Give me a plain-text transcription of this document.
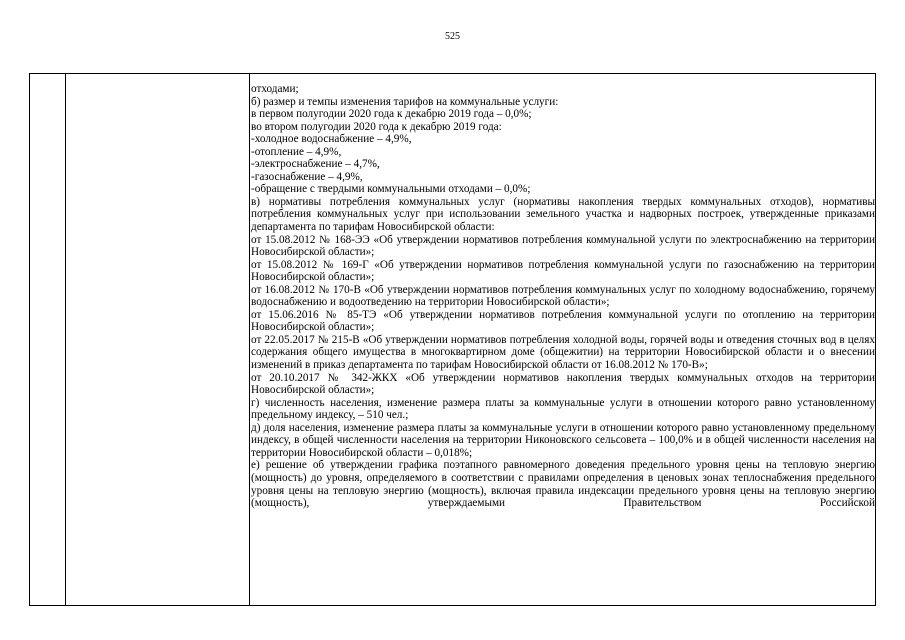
525

отходами;

б) размер и темпы изменения тарифов на коммунальные услуги:

в первом полугодии 2020 года к декабрю 2019 года – 0,0%;

во втором полугодии 2020 года к декабрю 2019 года:

-холодное водоснабжение – 4,9%,

-отопление – 4,9%,

-электроснабжение – 4,7%,

-газоснабжение – 4,9%,

-обращение с твердыми коммунальными отходами – 0,0%;

в) нормативы потребления коммунальных услуг (нормативы накопления твердых коммунальных отходов), нормативы потребления коммунальных услуг при использовании земельного участка и надворных построек, утвержденные приказами департамента по тарифам Новосибирской области:

от 15.08.2012 № 168-ЭЭ «Об утверждении нормативов потребления коммунальной услуги по электроснабжению на территории Новосибирской области»;

от 15.08.2012 № 169-Г «Об утверждении нормативов потребления коммунальной услуги по газоснабжению на территории Новосибирской области»;

от 16.08.2012 № 170-В «Об утверждении нормативов потребления коммунальных услуг по холодному водоснабжению, горячему водоснабжению и водоотведению на территории Новосибирской области»;

от 15.06.2016 № 85-ТЭ «Об утверждении нормативов потребления коммунальной услуги по отоплению на территории Новосибирской области»;

от 22.05.2017 № 215-В «Об утверждении нормативов потребления холодной воды, горячей воды и отведения сточных вод в целях содержания общего имущества в многоквартирном доме (общежитии) на территории Новосибирской области и о внесении изменений в приказ департамента по тарифам Новосибирской области от 16.08.2012 № 170-В»;

от 20.10.2017 № 342-ЖКХ «Об утверждении нормативов накопления твердых коммунальных отходов на территории Новосибирской области»;

г) численность населения, изменение размера платы за коммунальные услуги в отношении которого равно установленному предельному индексу, – 510 чел.;

д) доля населения, изменение размера платы за коммунальные услуги в отношении которого равно установленному предельному индексу, в общей численности населения на территории Никоновского сельсовета – 100,0% и в общей численности населения на территории Новосибирской области – 0,018%;

е) решение об утверждении графика поэтапного равномерного доведения предельного уровня цены на тепловую энергию (мощность) до уровня, определяемого в соответствии с правилами определения в ценовых зонах теплоснабжения предельного уровня цены на тепловую энергию (мощность), включая правила индексации предельного уровня цены на тепловую энергию (мощность), утверждаемыми Правительством Российской
